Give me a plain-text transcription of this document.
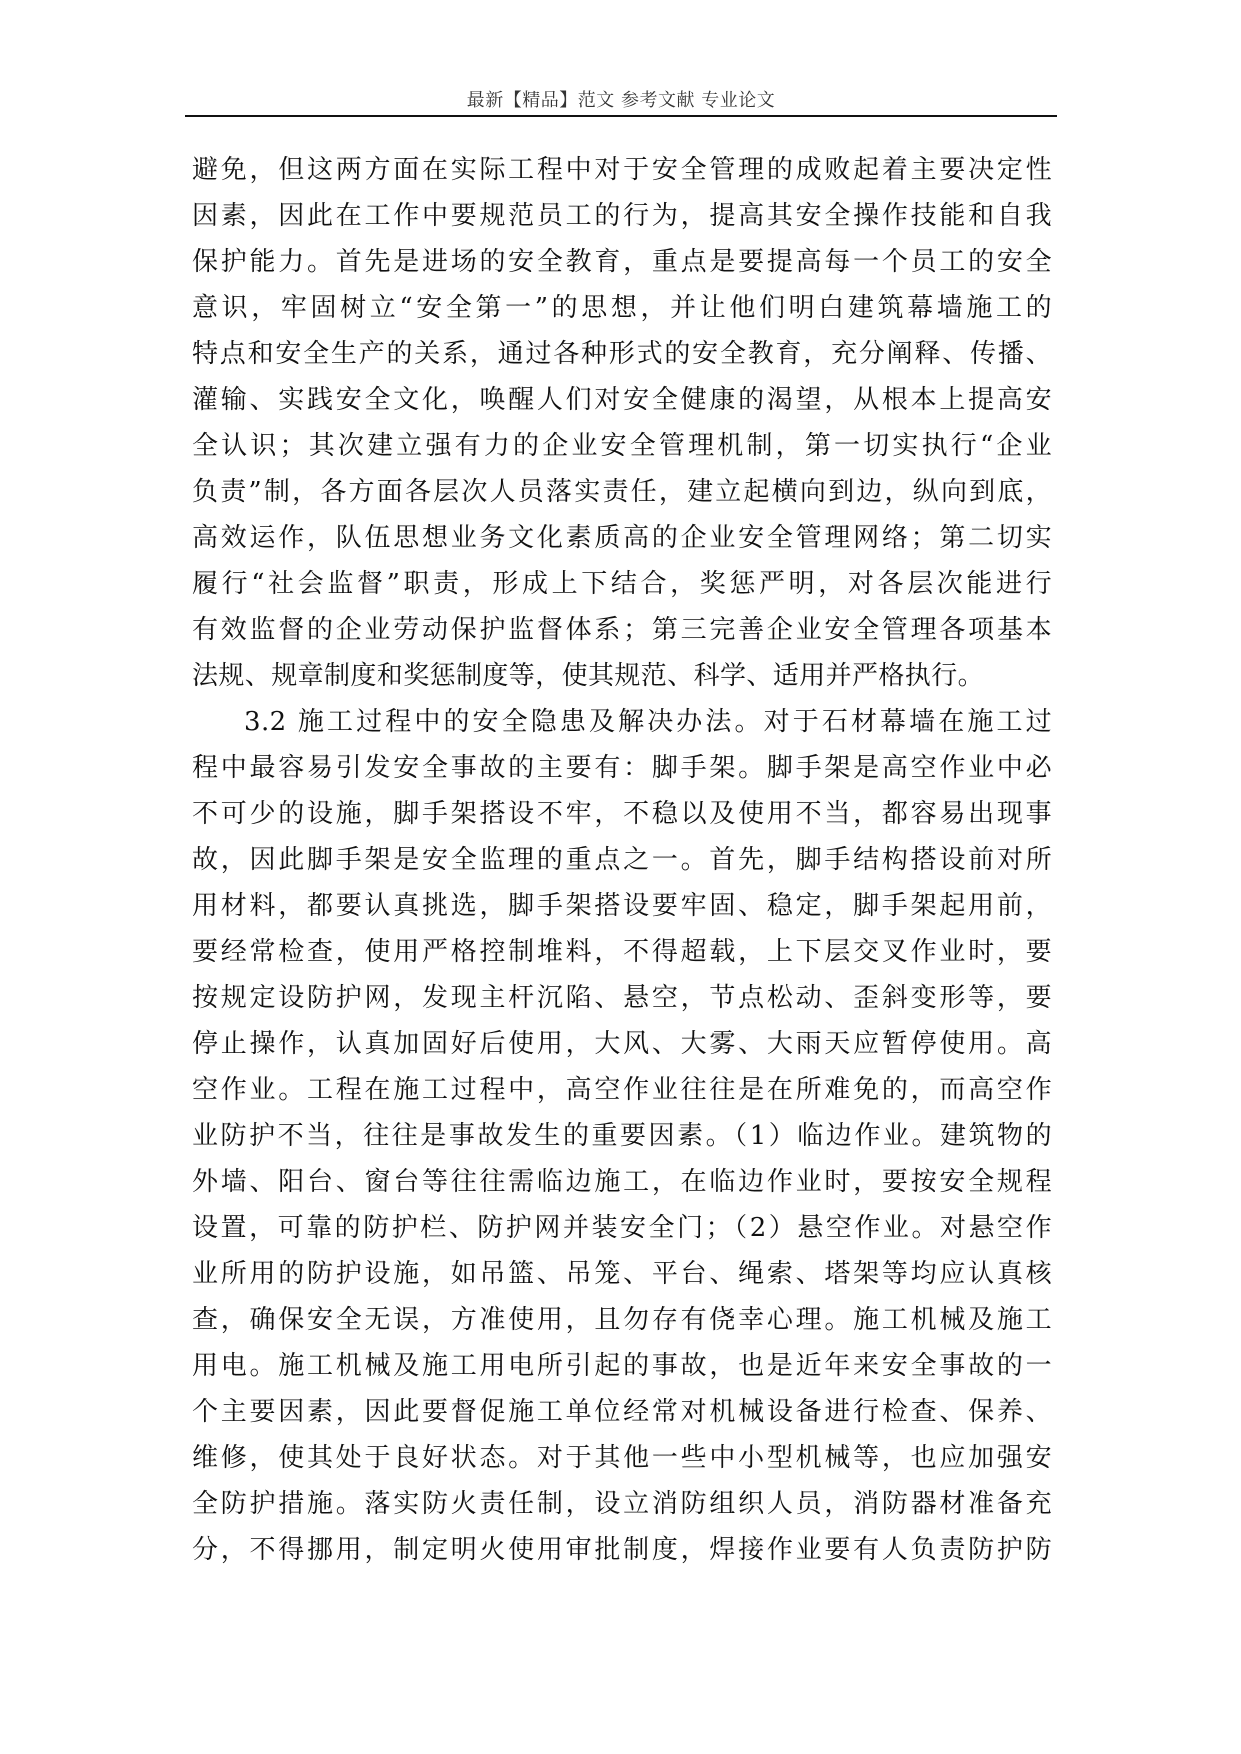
最新【精品】范文 参考文献 专业论文
避免，但这两方面在实际工程中对于安全管理的成败起着主要决定性
因素，因此在工作中要规范员工的行为，提高其安全操作技能和自我
保护能力。首先是进场的安全教育，重点是要提高每一个员工的安全
意识，牢固树立“安全第一”的思想，并让他们明白建筑幕墙施工的
特点和安全生产的关系，通过各种形式的安全教育，充分阐释、传播、
灌输、实践安全文化，唤醒人们对安全健康的渴望，从根本上提高安
全认识；其次建立强有力的企业安全管理机制，第一切实执行“企业
负责”制，各方面各层次人员落实责任，建立起横向到边，纵向到底，
高效运作，队伍思想业务文化素质高的企业安全管理网络；第二切实
履行“社会监督”职责，形成上下结合，奖惩严明，对各层次能进行
有效监督的企业劳动保护监督体系；第三完善企业安全管理各项基本
法规、规章制度和奖惩制度等，使其规范、科学、适用并严格执行。
3.2 施工过程中的安全隐患及解决办法。对于石材幕墙在施工过
程中最容易引发安全事故的主要有：脚手架。脚手架是高空作业中必
不可少的设施，脚手架搭设不牢，不稳以及使用不当，都容易出现事
故，因此脚手架是安全监理的重点之一。首先，脚手结构搭设前对所
用材料，都要认真挑选，脚手架搭设要牢固、稳定，脚手架起用前，
要经常检查，使用严格控制堆料，不得超载，上下层交叉作业时，要
按规定设防护网，发现主杆沉陷、悬空，节点松动、歪斜变形等，要
停止操作，认真加固好后使用，大风、大雾、大雨天应暂停使用。高
空作业。工程在施工过程中，高空作业往往是在所难免的，而高空作
业防护不当，往往是事故发生的重要因素。（1）临边作业。建筑物的
外墙、阳台、窗台等往往需临边施工，在临边作业时，要按安全规程
设置，可靠的防护栏、防护网并装安全门；（2）悬空作业。对悬空作
业所用的防护设施，如吊篮、吊笼、平台、绳索、塔架等均应认真核
查，确保安全无误，方准使用，且勿存有侥幸心理。施工机械及施工
用电。施工机械及施工用电所引起的事故，也是近年来安全事故的一
个主要因素，因此要督促施工单位经常对机械设备进行检查、保养、
维修，使其处于良好状态。对于其他一些中小型机械等，也应加强安
全防护措施。落实防火责任制，设立消防组织人员，消防器材准备充
分，不得挪用，制定明火使用审批制度，焊接作业要有人负责防护防
